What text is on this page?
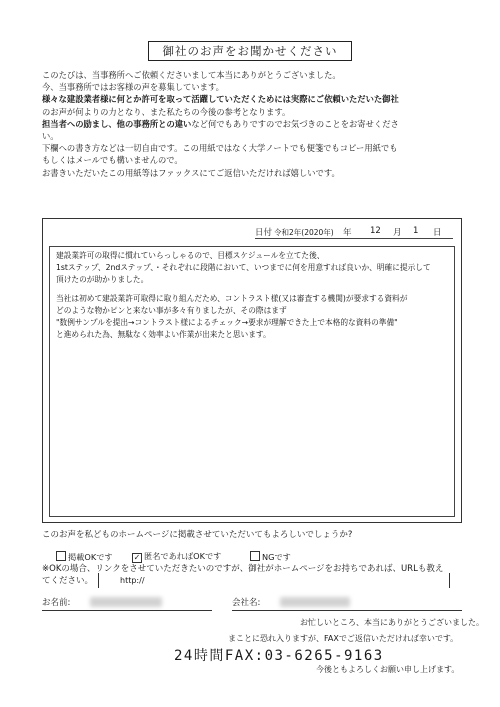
御社のお声をお聞かせください
このたびは、当事務所へご依頼くださいまして本当にありがとうございました。
今、当事務所ではお客様の声を募集しています。
様々な建設業者様に何とか許可を取って活躍していただくためには実際にご依頼いただいた御社
のお声が何よりの力となり、また私たちの今後の参考となります。
担当者への励まし、他の事務所との違いなど何でもありですのでお気づきのことをお寄せくださ
い。
下欄への書き方などは一切自由です。この用紙ではなく大学ノートでも便箋でもコピー用紙でも
もしくはメールでも構いませんので。
お書きいただいたこの用紙等はファックスにてご返信いただければ嬉しいです。
日付 令和2年(2020年) 年 12 月 1 日
建設業許可の取得に慣れていらっしゃるので、目標スケジュールを立てた後、
1stステップ、2ndステップ、・それぞれに段階において、いつまでに何を用意すれば良いか、明確に提示して
頂けたのが助かりました。
当社は初めて建設業許可取得に取り組んだため、コントラスト様(又は審査する機関)が要求する資料が
どのような物かピンと来ない事が多々有りましたが、その際はまず
"数例サンプルを提出→コントラスト様によるチェック→要求が理解できた上で本格的な資料の準備"
と進められた為、無駄なく効率よい作業が出来たと思います。
このお声を私どものホームページに掲載させていただいてもよろしいでしょうか?
掲載OKです	✓ 匿名であればOKです	NGです
※OKの場合、リンクをさせていただきたいのですが、御社がホームページをお持ちであれば、URLも教え
てください。	http://
お名前:	会社名:
お忙しいところ、本当にありがとうございました。
まことに恐れ入りますが、FAXでご返信いただければ幸いです。
24時間FAX:03-6265-9163
今後ともよろしくお願い申し上げます。
